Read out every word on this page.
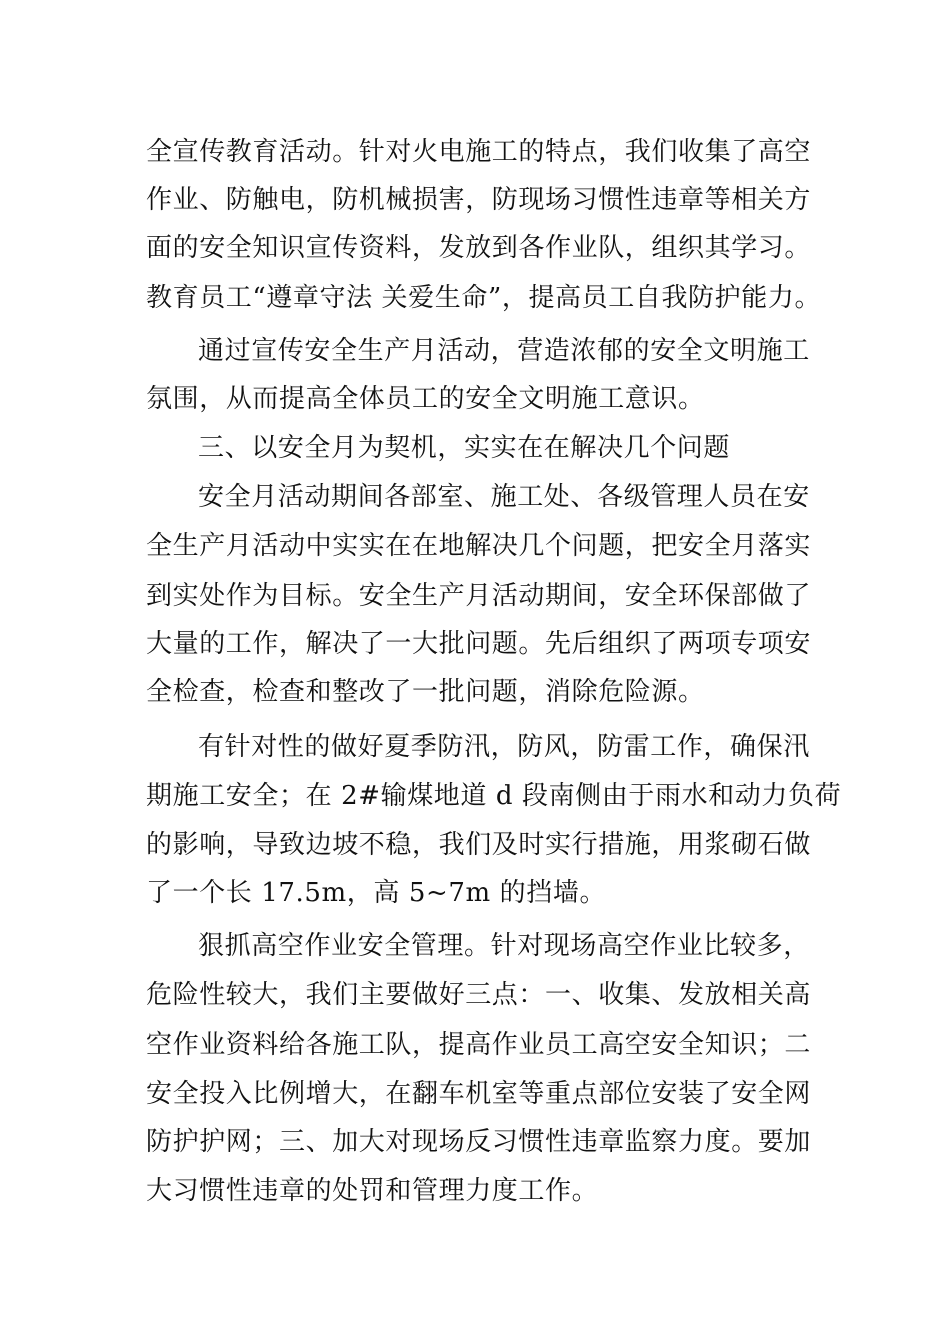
全宣传教育活动。针对火电施工的特点，我们收集了高空
作业、防触电，防机械损害，防现场习惯性违章等相关方
面的安全知识宣传资料，发放到各作业队，组织其学习。
教育员工“遵章守法 关爱生命”，提高员工自我防护能力。
通过宣传安全生产月活动，营造浓郁的安全文明施工
氛围，从而提高全体员工的安全文明施工意识。
三、以安全月为契机，实实在在解决几个问题
安全月活动期间各部室、施工处、各级管理人员在安
全生产月活动中实实在在地解决几个问题，把安全月落实
到实处作为目标。安全生产月活动期间，安全环保部做了
大量的工作，解决了一大批问题。先后组织了两项专项安
全检查，检查和整改了一批问题，消除危险源。
有针对性的做好夏季防汛，防风，防雷工作，确保汛
期施工安全；在 2#输煤地道 d 段南侧由于雨水和动力负荷
的影响，导致边坡不稳，我们及时实行措施，用浆砌石做
了一个长 17.5m，高 5~7m 的挡墙。
狠抓高空作业安全管理。针对现场高空作业比较多，
危险性较大，我们主要做好三点：一、收集、发放相关高
空作业资料给各施工队，提高作业员工高空安全知识；二
安全投入比例增大，在翻车机室等重点部位安装了安全网
防护护网；三、加大对现场反习惯性违章监察力度。要加
大习惯性违章的处罚和管理力度工作。
